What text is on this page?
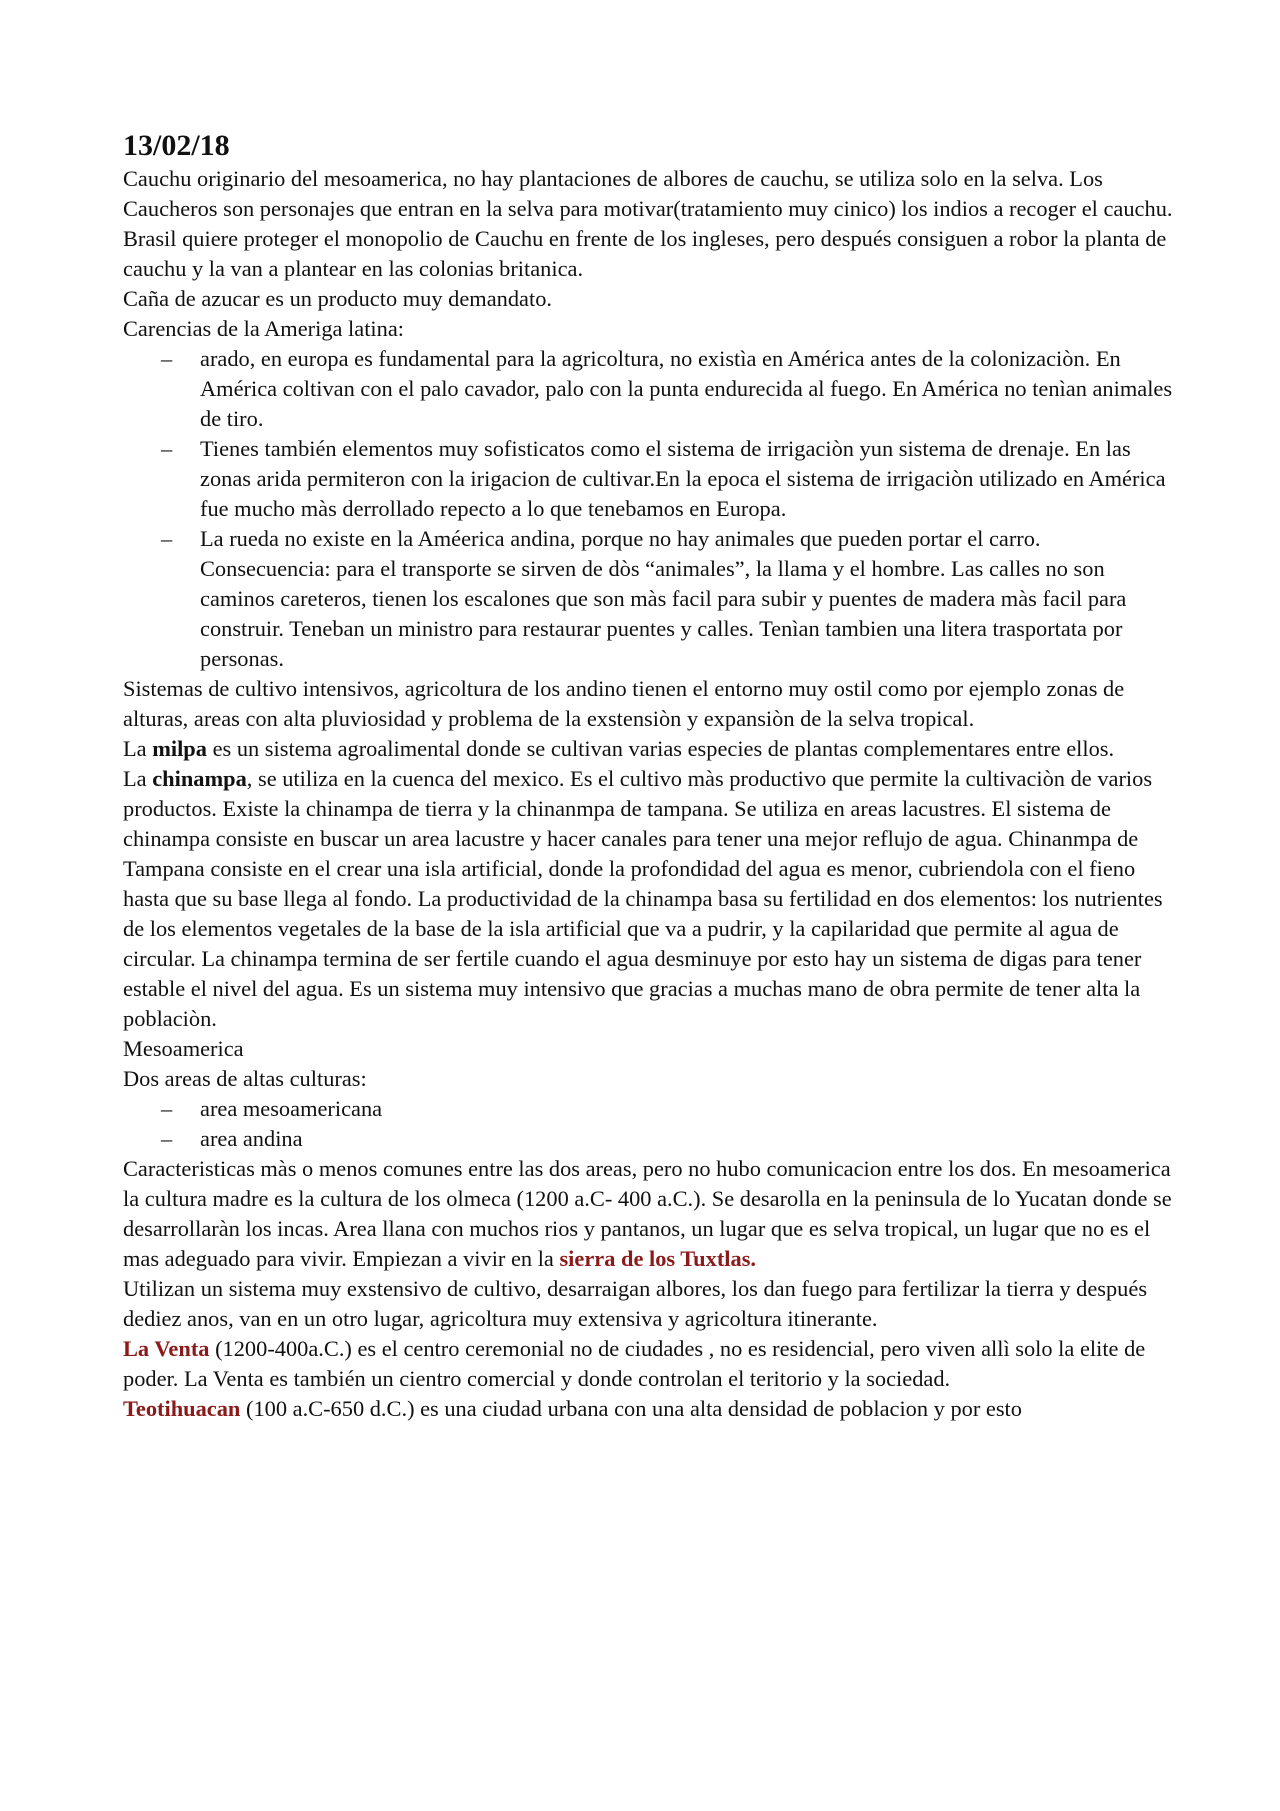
13/02/18

Cauchu originario del mesoamerica, no hay plantaciones de albores de cauchu, se utiliza solo en la selva. Los Caucheros son personajes que entran en la selva para motivar(tratamiento muy cinico) los indios a recoger el cauchu. Brasil quiere proteger el monopolio de Cauchu en frente de los ingleses, pero después consiguen a robor la planta de cauchu y la van a plantear en las colonias britanica.

Caña de azucar es un producto muy demandato.

Carencias de la Ameriga latina:

– arado, en europa es fundamental para la agricoltura, no existìa en América antes de la colonizaciòn. En América coltivan con el palo cavador, palo con la punta endurecida al fuego. En América no tenìan animales de tiro.
– Tienes también elementos muy sofisticatos como el sistema de irrigaciòn yun sistema de drenaje. En las zonas arida permiteron con la irigacion de cultivar.En la epoca el sistema de irrigaciòn utilizado en América fue mucho màs derrollado repecto a lo que tenebamos en Europa.
– La rueda no existe en la Améerica andina, porque no hay animales que pueden portar el carro.

Consecuencia: para el transporte se sirven de dòs “animales”, la llama y el hombre. Las calles no son caminos careteros, tienen los escalones que son màs facil para subir y puentes de madera màs facil para construir. Teneban un ministro para restaurar puentes y calles. Tenìan tambien una litera trasportata por personas.

Sistemas de cultivo intensivos, agricoltura de los andino tienen el entorno muy ostil como por ejemplo zonas de alturas, areas con alta pluviosidad y problema de la exstensiòn y expansiòn de la selva tropical.

La milpa es un sistema agroalimental donde se cultivan varias especies de plantas complementares entre ellos.

La chinampa, se utiliza en la cuenca del mexico. Es el cultivo màs productivo que permite la cultivaciòn de varios productos. Existe la chinampa de tierra y la chinanmpa de tampana. Se utiliza en areas lacustres. El sistema de chinampa consiste en buscar un area lacustre y hacer canales para tener una mejor reflujo de agua. Chinanmpa de Tampana consiste en el crear una isla artificial, donde la profondidad del agua es menor, cubriendola con el fieno hasta que su base llega al fondo. La productividad de la chinampa basa su fertilidad en dos elementos: los nutrientes de los elementos vegetales de la base de la isla artificial que va a pudrir, y la capilaridad que permite al agua de circular. La chinampa termina de ser fertile cuando el agua desminuye por esto hay un sistema de digas para tener estable el nivel del agua. Es un sistema muy intensivo que gracias a muchas mano de obra permite de tener alta la poblaciòn.

Mesoamerica

Dos areas de altas culturas:

– area mesoamericana
– area andina

Caracteristicas màs o menos comunes entre las dos areas, pero no hubo comunicacion entre los dos. En mesoamerica la cultura madre es la cultura de los olmeca (1200 a.C- 400 a.C.). Se desarolla en la peninsula de lo Yucatan donde se desarrollaràn los incas. Area llana con muchos rios y pantanos, un lugar que es selva tropical, un lugar que no es el mas adeguado para vivir. Empiezan a vivir en la sierra de los Tuxtlas.

Utilizan un sistema muy exstensivo de cultivo, desarraigan albores, los dan fuego para fertilizar la tierra y después dediez anos, van en un otro lugar, agricoltura muy extensiva y agricoltura itinerante.

La Venta (1200-400a.C.) es el centro ceremonial no de ciudades , no es residencial, pero viven allì solo la elite de poder. La Venta es también un cientro comercial y donde controlan el teritorio y la sociedad.

Teotihuacan (100 a.C-650 d.C.) es una ciudad urbana con una alta densidad de poblacion y por esto
